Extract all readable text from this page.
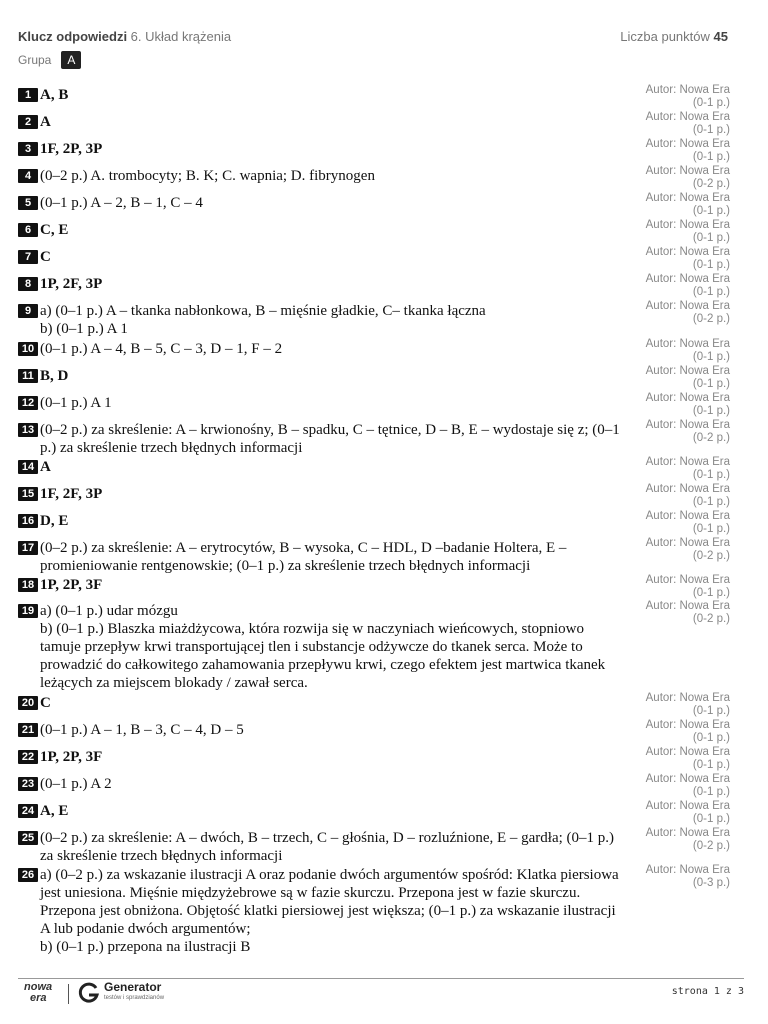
Klucz odpowiedzi 6. Układ krążenia	Liczba punktów 45
Grupa	A
1 A, B	Autor: Nowa Era
(0-1 p.)
2 A	Autor: Nowa Era
(0-1 p.)
3 1F, 2P, 3P	Autor: Nowa Era
(0-1 p.)
4 (0–2 p.) A. trombocyty; B. K; C. wapnia; D. fibrynogen	Autor: Nowa Era
(0-2 p.)
5 (0–1 p.) A – 2, B – 1, C – 4	Autor: Nowa Era
(0-1 p.)
6 C, E	Autor: Nowa Era
(0-1 p.)
7 C	Autor: Nowa Era
(0-1 p.)
8 1P, 2F, 3P	Autor: Nowa Era
(0-1 p.)
9 a) (0–1 p.) A – tkanka nabłonkowa, B – mięśnie gładkie, C– tkanka łączna
b) (0–1 p.) A 1
Autor: Nowa Era
(0-2 p.)
10 (0–1 p.) A – 4, B – 5, C – 3, D – 1, F – 2	Autor: Nowa Era
(0-1 p.)
11 B, D	Autor: Nowa Era
(0-1 p.)
12 (0–1 p.) A 1	Autor: Nowa Era
(0-1 p.)
13 (0–2 p.) za skreślenie: A – krwionośny, B – spadku, C – tętnice, D – B, E – wydostaje się z; (0–1 p.) za skreślenie trzech błędnych informacji
Autor: Nowa Era
(0-2 p.)
14 A	Autor: Nowa Era
(0-1 p.)
15 1F, 2F, 3P	Autor: Nowa Era
(0-1 p.)
16 D, E	Autor: Nowa Era
(0-1 p.)
17 (0–2 p.) za skreślenie: A – erytrocytów, B – wysoka, C – HDL, D –badanie Holtera, E – promieniowanie rentgenowskie; (0–1 p.) za skreślenie trzech błędnych informacji
Autor: Nowa Era
(0-2 p.)
18 1P, 2P, 3F	Autor: Nowa Era
(0-1 p.)
19 a) (0–1 p.) udar mózgu
b) (0–1 p.) Blaszka miażdżycowa, która rozwija się w naczyniach wieńcowych, stopniowo tamuje przepływ krwi transportującej tlen i substancje odżywcze do tkanek serca. Może to prowadzić do całkowitego zahamowania przepływu krwi, czego efektem jest martwica tkanek leżących za miejscem blokady / zawał serca.
Autor: Nowa Era
(0-2 p.)
20 C	Autor: Nowa Era
(0-1 p.)
21 (0–1 p.) A – 1, B – 3, C – 4, D – 5	Autor: Nowa Era
(0-1 p.)
22 1P, 2P, 3F	Autor: Nowa Era
(0-1 p.)
23 (0–1 p.) A 2	Autor: Nowa Era
(0-1 p.)
24 A, E	Autor: Nowa Era
(0-1 p.)
25 (0–2 p.) za skreślenie: A – dwóch, B – trzech, C – głośnia, D – rozluźnione, E – gardła; (0–1 p.) za skreślenie trzech błędnych informacji
Autor: Nowa Era
(0-2 p.)
26 a) (0–2 p.) za wskazanie ilustracji A oraz podanie dwóch argumentów spośród: Klatka piersiowa jest uniesiona. Mięśnie międzyżebrowe są w fazie skurczu. Przepona jest w fazie skurczu. Przepona jest obniżona. Objętość klatki piersiowej jest większa; (0–1 p.) za wskazanie ilustracji A lub podanie dwóch argumentów;
b) (0–1 p.) przepona na ilustracji B
Autor: Nowa Era
(0-3 p.)
nowa
era
Generator
testów i sprawdzianów
strona 1 z 3
